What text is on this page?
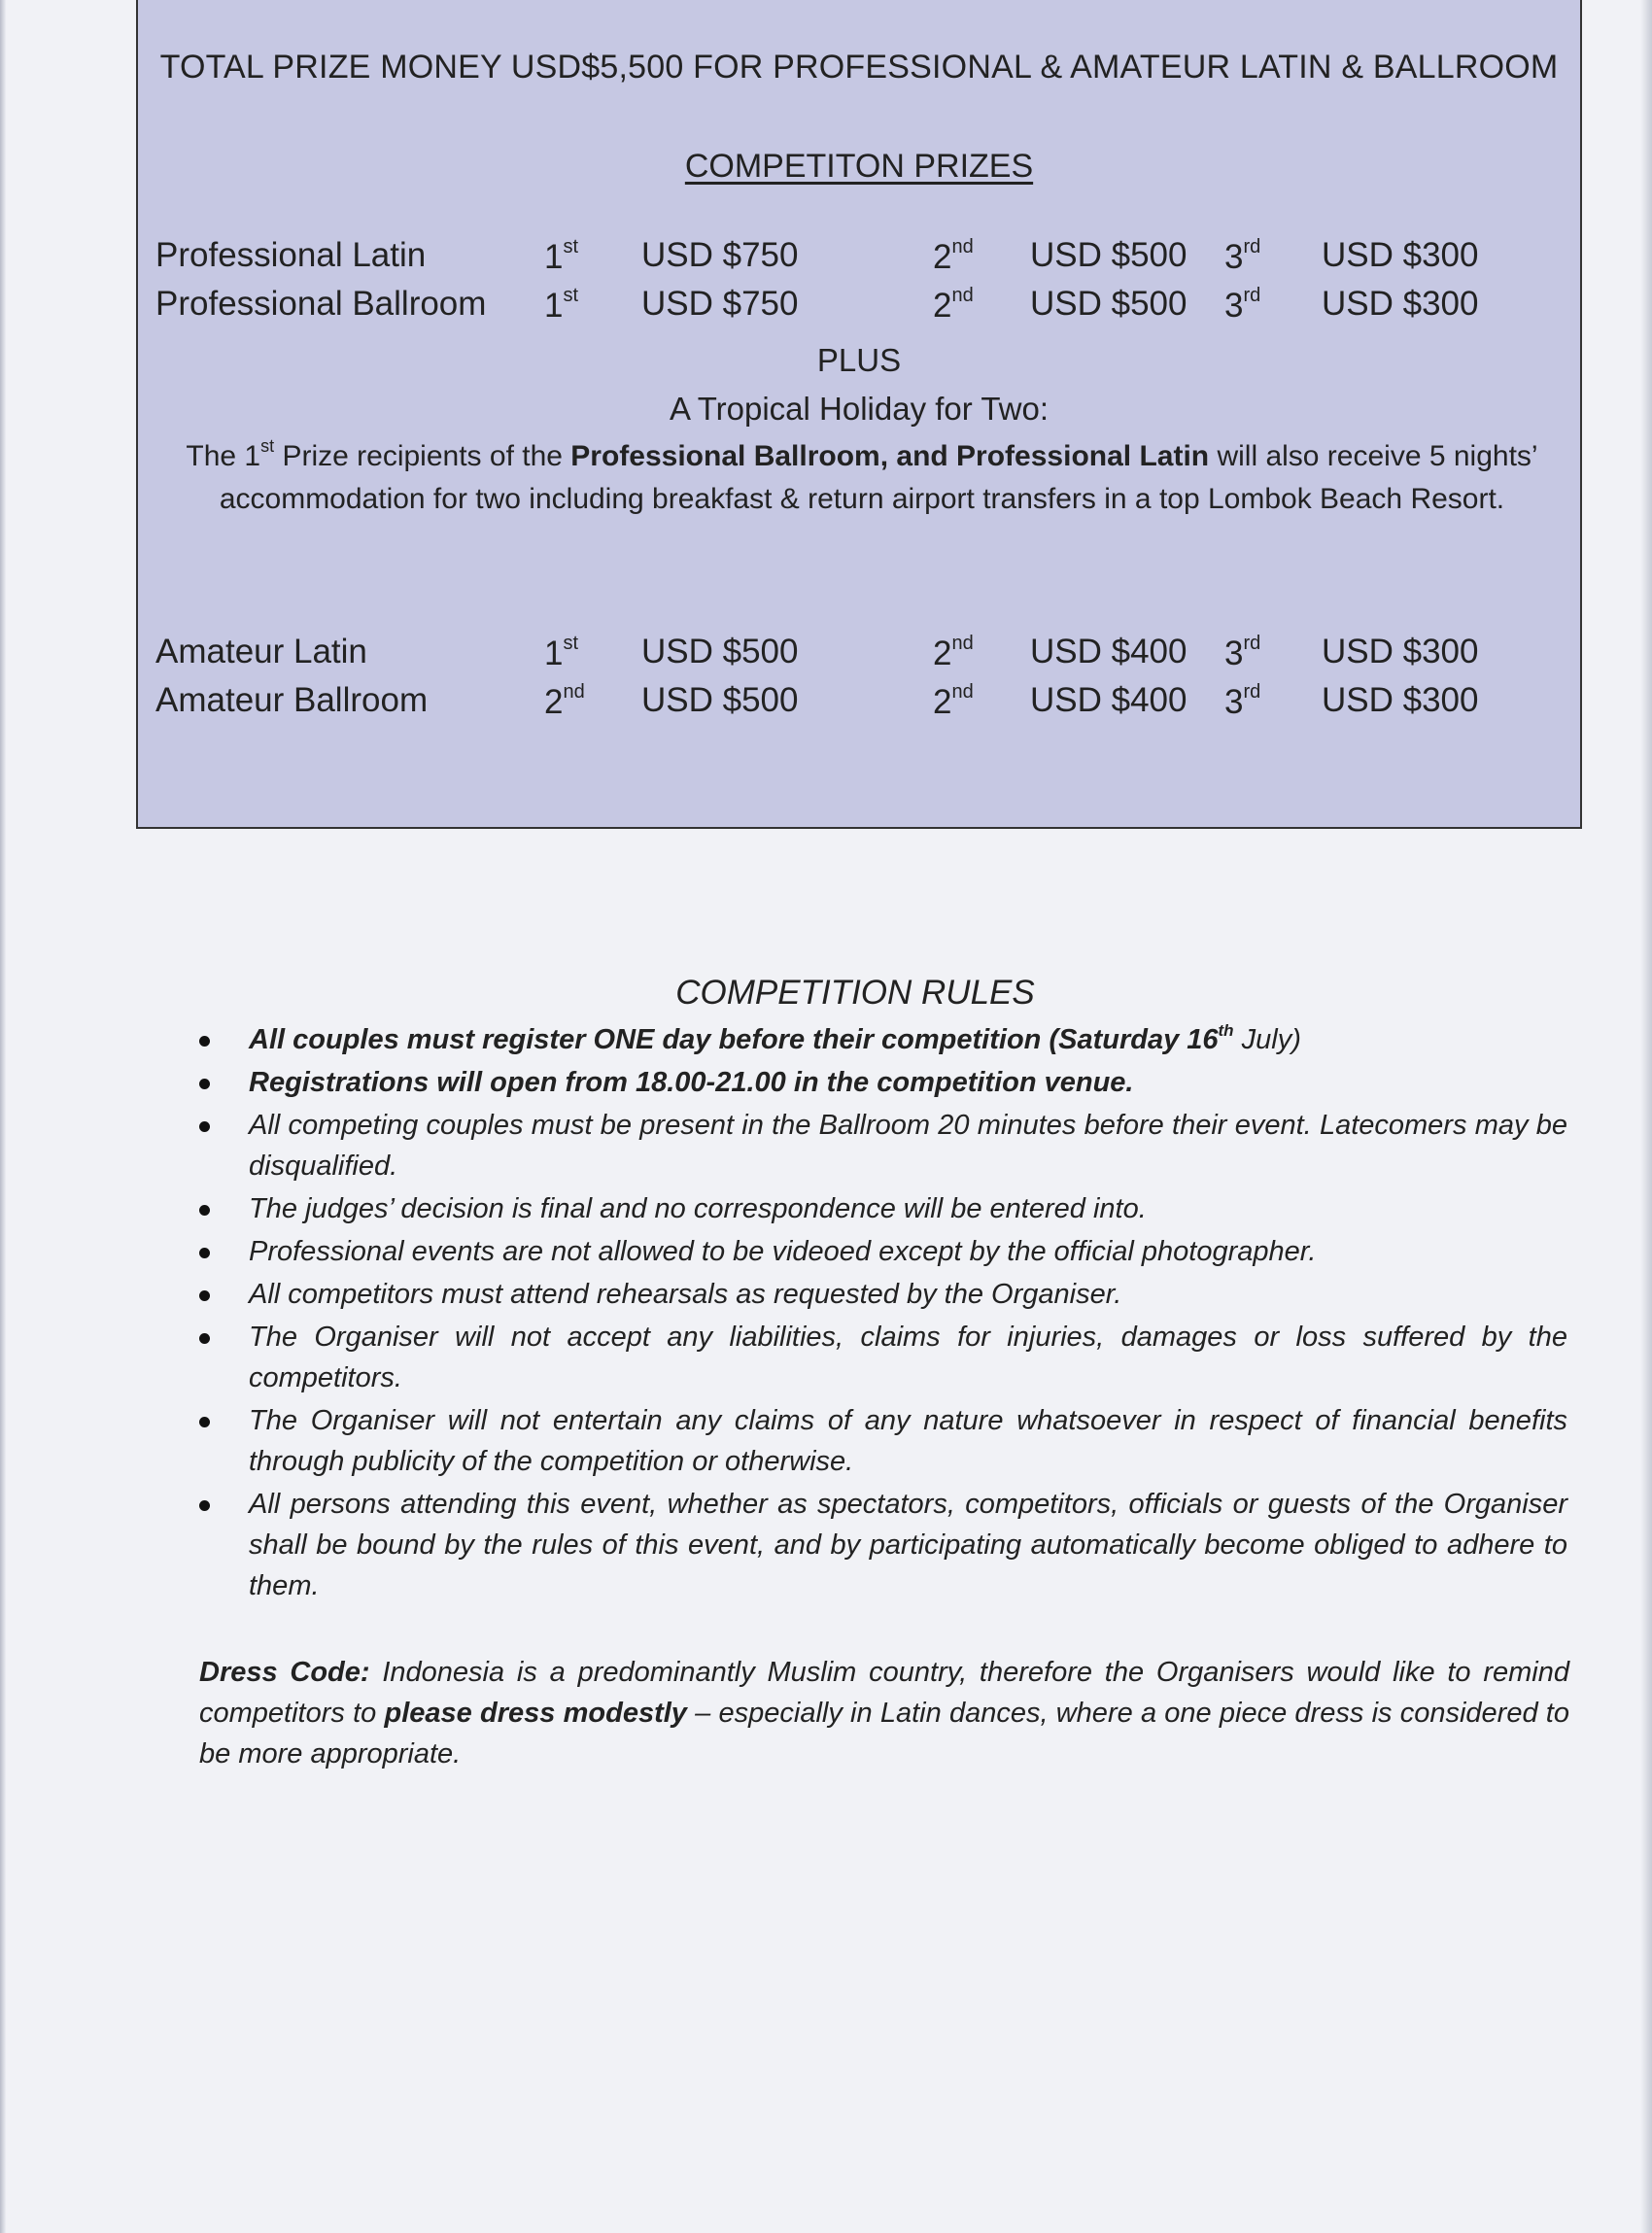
TOTAL PRIZE MONEY USD$5,500 FOR PROFESSIONAL & AMATEUR LATIN & BALLROOM
COMPETITON PRIZES
Professional Latin	1st USD $750	2nd USD $500 3rd USD $300
Professional Ballroom 1st USD $750	2nd USD $500 3rd USD $300
PLUS
A Tropical Holiday for Two:
The 1st Prize recipients of the Professional Ballroom, and Professional Latin will also receive 5 nights’ accommodation for two including breakfast & return airport transfers in a top Lombok Beach Resort.
Amateur Latin	1st USD $500	2nd USD $400 3rd USD $300
Amateur Ballroom	2nd USD $500	2nd USD $400 3rd USD $300
COMPETITION RULES
All couples must register ONE day before their competition (Saturday 16th July)
Registrations will open from 18.00-21.00 in the competition venue.
All competing couples must be present in the Ballroom 20 minutes before their event. Latecomers may be disqualified.
The judges’ decision is final and no correspondence will be entered into.
Professional events are not allowed to be videoed except by the official photographer.
All competitors must attend rehearsals as requested by the Organiser.
The Organiser will not accept any liabilities, claims for injuries, damages or loss suffered by the competitors.
The Organiser will not entertain any claims of any nature whatsoever in respect of financial benefits through publicity of the competition or otherwise.
All persons attending this event, whether as spectators, competitors, officials or guests of the Organiser shall be bound by the rules of this event, and by participating automatically become obliged to adhere to them.
Dress Code: Indonesia is a predominantly Muslim country, therefore the Organisers would like to remind competitors to please dress modestly – especially in Latin dances, where a one piece dress is considered to be more appropriate.
